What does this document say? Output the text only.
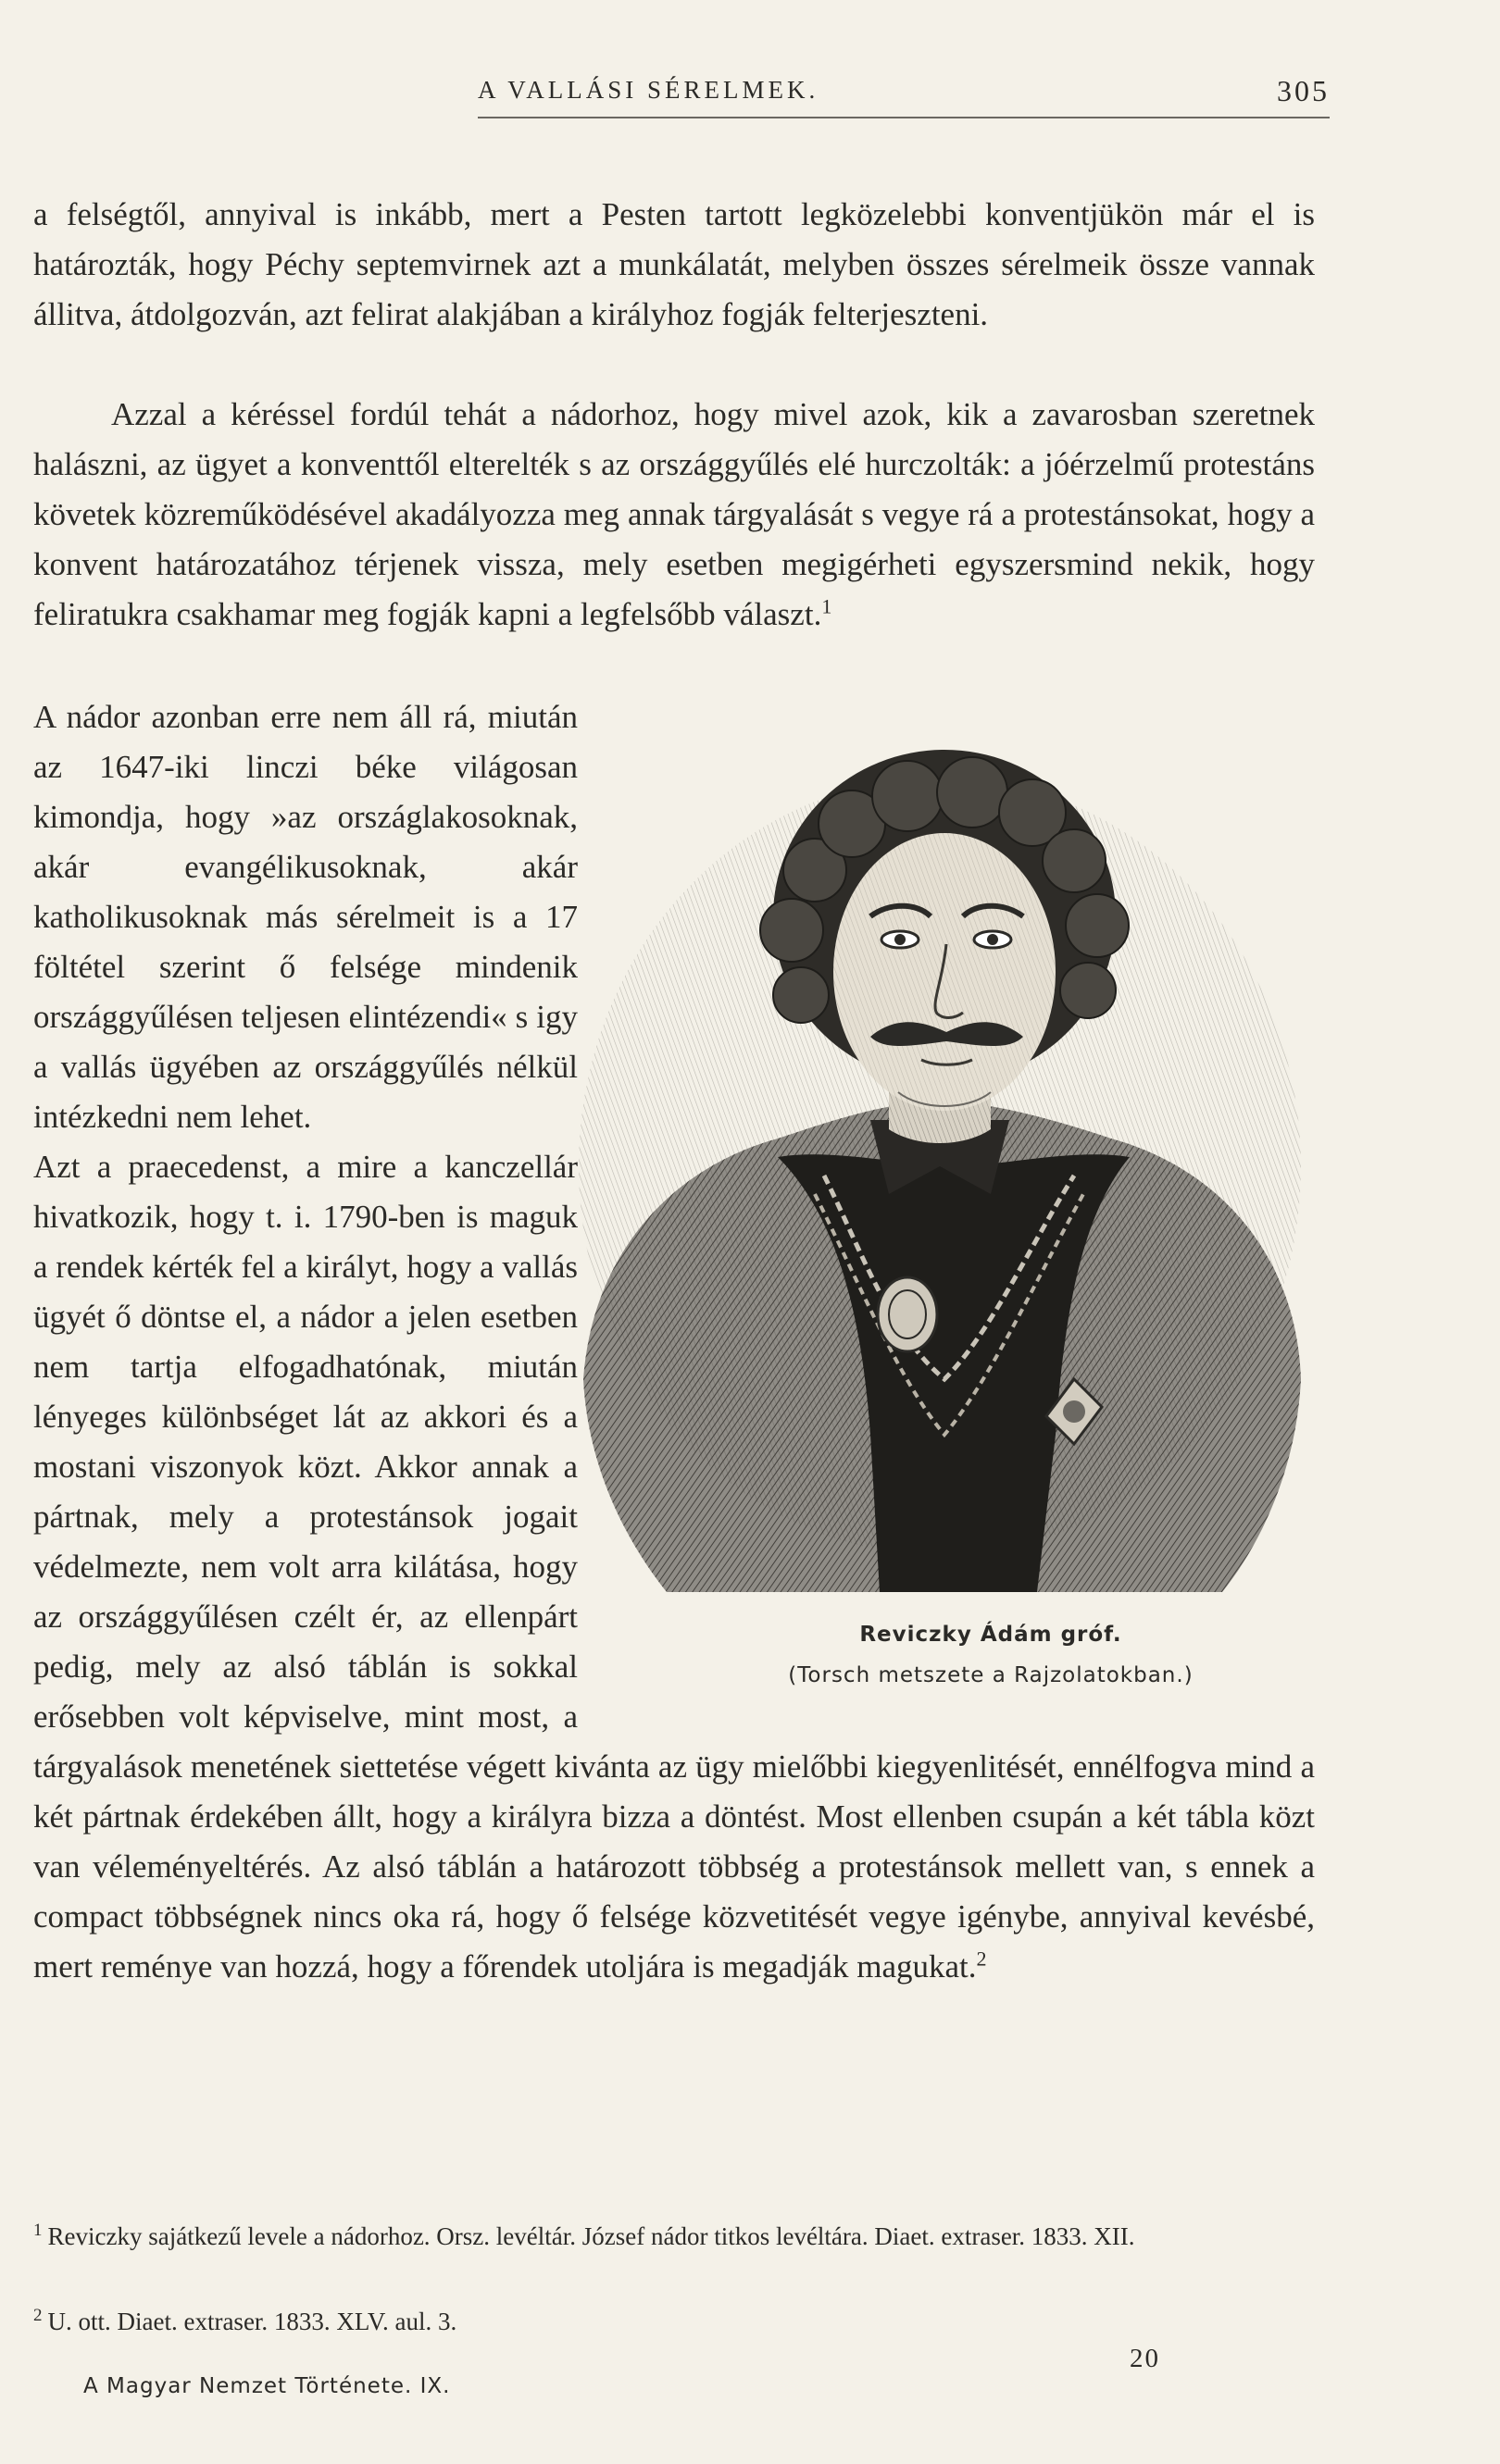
A VALLÁSI SÉRELMEK.	305

a felségtől, annyival is inkább, mert a Pesten tartott legközelebbi konventjükön már el is határozták, hogy Péchy septemvirnek azt a munkálatát, melyben összes sérelmeik össze vannak állitva, átdolgozván, azt felirat alakjában a királyhoz fogják felterjeszteni.

Azzal a kéréssel fordúl tehát a nádorhoz, hogy mivel azok, kik a zavarosban szeretnek halászni, az ügyet a konventtől elterelték s az országgyűlés elé hurczolták: a jóérzelmű protestáns követek közreműködésével akadályozza meg annak tárgyalását s vegye rá a protestánsokat, hogy a konvent határozatához térjenek vissza, mely esetben megigérheti egyszersmind nekik, hogy feliratukra csakhamar meg fogják kapni a legfelsőbb választ.$^1$

A nádor azonban erre nem áll rá, miután az 1647-iki linczi béke világosan kimondja, hogy »az országlakosoknak, akár evangélikusoknak, akár katholikusoknak más sérelmeit is a 17 föltétel szerint ő felsége mindenik országgyűlésen teljesen elintézendi« s igy a vallás ügyében az országgyűlés nélkül intézkedni nem lehet.

Azt a praecedenst, a mire a kanczellár hivatkozik, hogy t. i. 1790-ben is maguk a rendek kérték fel a királyt, hogy a vallás ügyét ő döntse el, a nádor a jelen esetben nem tartja elfogadhatónak, miután lényeges különbséget lát az akkori és a mostani viszonyok közt. Akkor annak a pártnak, mely a protestánsok jogait védelmezte, nem volt arra kilátása, hogy az országgyűlésen czélt ér, az ellenpárt pedig, mely az alsó táblán is sokkal erősebben volt képviselve, mint most, a tárgyalások menetének siettetése végett kivánta az ügy mielőbbi kiegyenlitését, ennélfogva mind a két pártnak érdekében állt, hogy a királyra bizza a döntést. Most ellenben csupán a két tábla közt van véleményeltérés. Az alsó táblán a határozott többség a protestánsok mellett van, s ennek a compact többségnek nincs oka rá, hogy ő felsége közvetitését vegye igénybe, annyival kevésbé, mert reménye van hozzá, hogy a főrendek utoljára is megadják magukat.$^2$

Reviczky Ádám gróf.
(Torsch metszete a Rajzolatokban.)

$^1$ Reviczky sajátkezű levele a nádorhoz. Orsz. levéltár. József nádor titkos levéltára. Diaet. extraser. 1833. XII.

$^2$ U. ott. Diaet. extraser. 1833. XLV. aul. 3.

A Magyar Nemzet Története. IX.
20
